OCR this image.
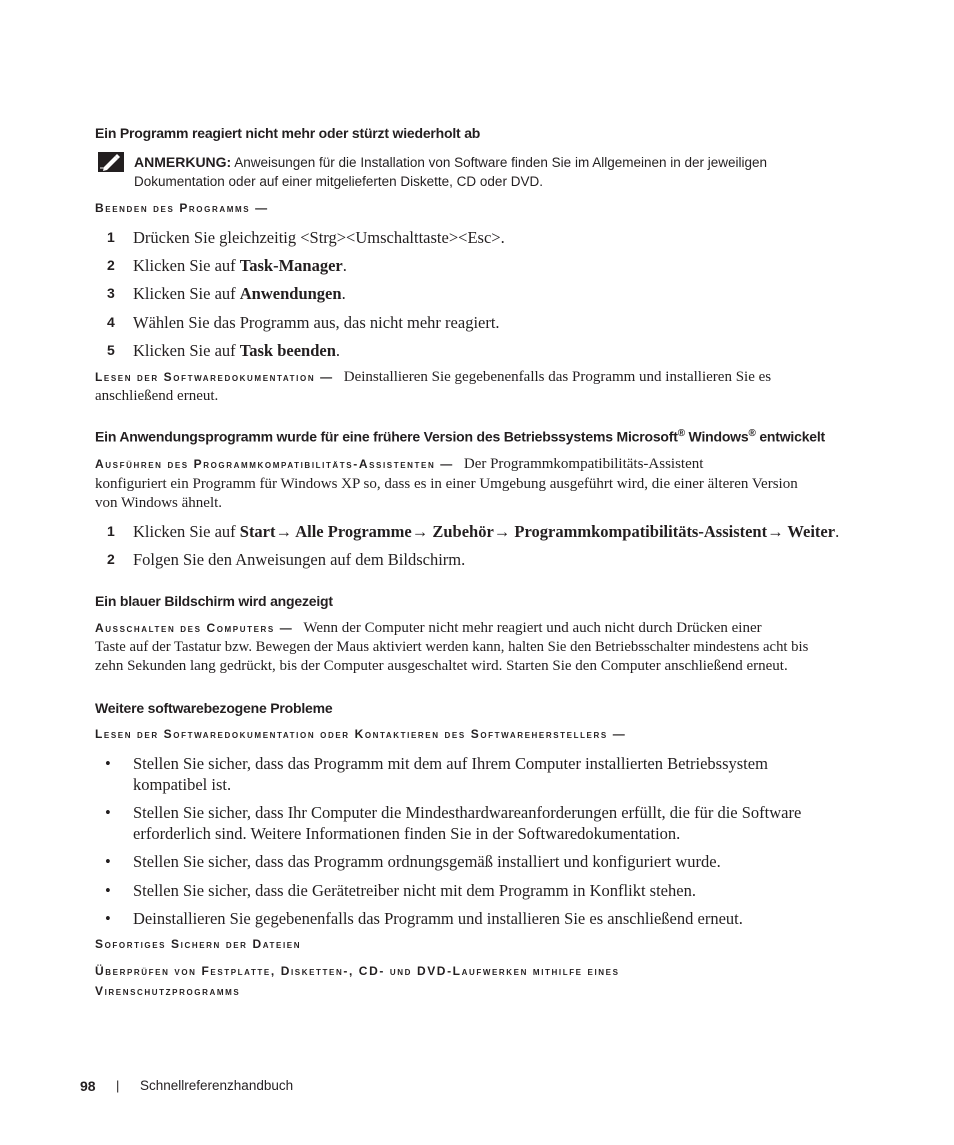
Ein Programm reagiert nicht mehr oder stürzt wiederholt ab
ANMERKUNG: Anweisungen für die Installation von Software finden Sie im Allgemeinen in der jeweiligen
Dokumentation oder auf einer mitgelieferten Diskette, CD oder DVD.
Beenden des Programms —
1 Drücken Sie gleichzeitig <Strg><Umschalttaste><Esc>.
2 Klicken Sie auf Task-Manager.
3 Klicken Sie auf Anwendungen.
4 Wählen Sie das Programm aus, das nicht mehr reagiert.
5 Klicken Sie auf Task beenden.
Lesen der Softwaredokumentation — Deinstallieren Sie gegebenenfalls das Programm und installieren Sie es
anschließend erneut.
Ein Anwendungsprogramm wurde für eine frühere Version des Betriebssystems Microsoft® Windows® entwickelt
Ausführen des Programmkompatibilitäts-Assistenten — Der Programmkompatibilitäts-Assistent
konfiguriert ein Programm für Windows XP so, dass es in einer Umgebung ausgeführt wird, die einer älteren Version
von Windows ähnelt.
1 Klicken Sie auf Start→ Alle Programme→ Zubehör→ Programmkompatibilitäts-Assistent→ Weiter.
2 Folgen Sie den Anweisungen auf dem Bildschirm.
Ein blauer Bildschirm wird angezeigt
Ausschalten des Computers — Wenn der Computer nicht mehr reagiert und auch nicht durch Drücken einer
Taste auf der Tastatur bzw. Bewegen der Maus aktiviert werden kann, halten Sie den Betriebsschalter mindestens acht bis
zehn Sekunden lang gedrückt, bis der Computer ausgeschaltet wird. Starten Sie den Computer anschließend erneut.
Weitere softwarebezogene Probleme
Lesen der Softwaredokumentation oder Kontaktieren des Softwareherstellers —
• Stellen Sie sicher, dass das Programm mit dem auf Ihrem Computer installierten Betriebssystem
kompatibel ist.
• Stellen Sie sicher, dass Ihr Computer die Mindesthardwareanforderungen erfüllt, die für die Software
erforderlich sind. Weitere Informationen finden Sie in der Softwaredokumentation.
• Stellen Sie sicher, dass das Programm ordnungsgemäß installiert und konfiguriert wurde.
• Stellen Sie sicher, dass die Gerätetreiber nicht mit dem Programm in Konflikt stehen.
• Deinstallieren Sie gegebenenfalls das Programm und installieren Sie es anschließend erneut.
Sofortiges Sichern der Dateien
Überprüfen von Festplatte, Disketten-, CD- und DVD-Laufwerken mithilfe eines
Virenschutzprogramms
98 | Schnellreferenzhandbuch
